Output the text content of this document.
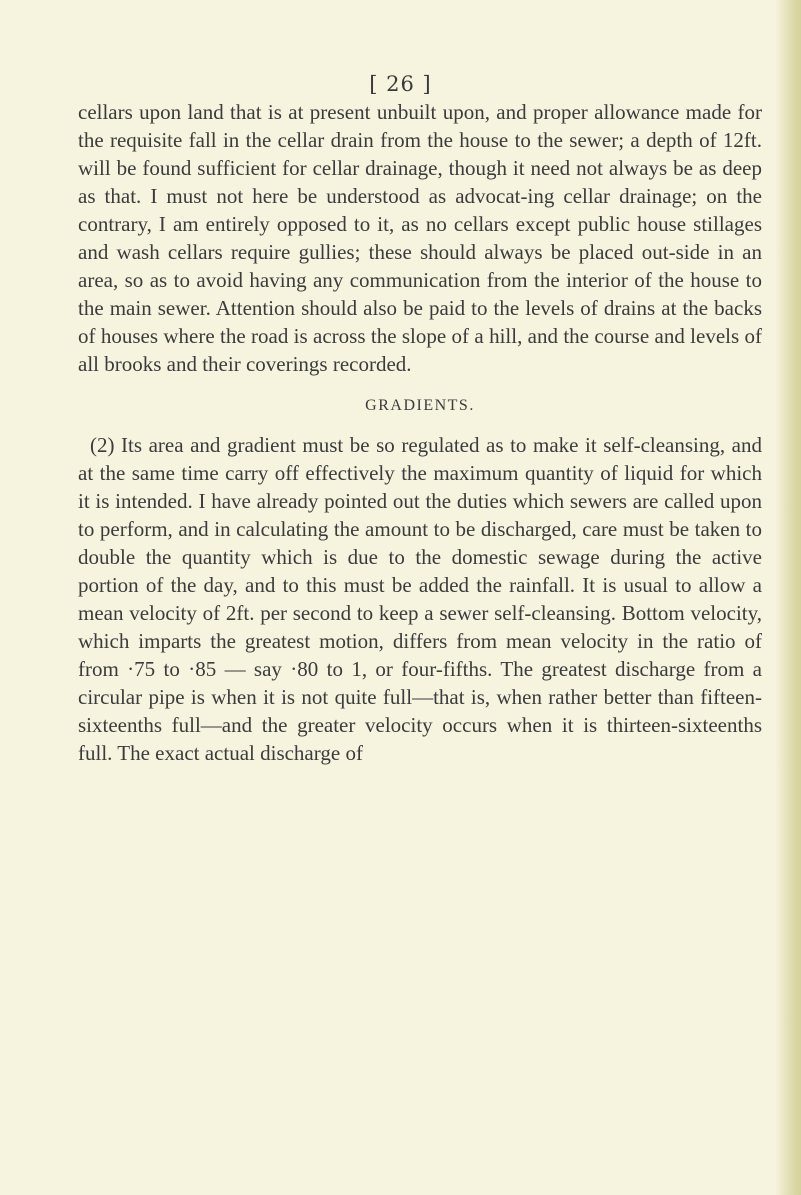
[ 26 ]

cellars upon land that is at present unbuilt upon, and proper allowance made for the requisite fall in the cellar drain from the house to the sewer; a depth of 12ft. will be found sufficient for cellar drainage, though it need not always be as deep as that. I must not here be understood as advocat-ing cellar drainage; on the contrary, I am entirely opposed to it, as no cellars except public house stillages and wash cellars require gullies; these should always be placed out-side in an area, so as to avoid having any communication from the interior of the house to the main sewer. Attention should also be paid to the levels of drains at the backs of houses where the road is across the slope of a hill, and the course and levels of all brooks and their coverings recorded.

GRADIENTS.

(2) Its area and gradient must be so regulated as to make it self-cleansing, and at the same time carry off effectively the maximum quantity of liquid for which it is intended. I have already pointed out the duties which sewers are called upon to perform, and in calculating the amount to be discharged, care must be taken to double the quantity which is due to the domestic sewage during the active portion of the day, and to this must be added the rainfall. It is usual to allow a mean velocity of 2ft. per second to keep a sewer self-cleansing. Bottom velocity, which imparts the greatest motion, differs from mean velocity in the ratio of from ·75 to ·85 — say ·80 to 1, or four-fifths. The greatest discharge from a circular pipe is when it is not quite full—that is, when rather better than fifteen-sixteenths full—and the greater velocity occurs when it is thirteen-sixteenths full. The exact actual discharge of
